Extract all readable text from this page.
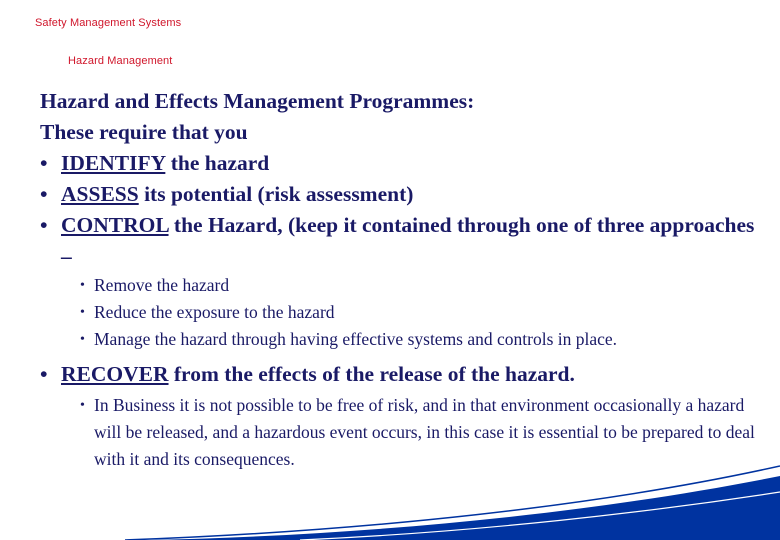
Safety Management Systems
Hazard Management

Hazard and Effects Management Programmes:

These require that you

• IDENTIFY the hazard

• ASSESS its potential (risk assessment)

• CONTROL the Hazard, (keep it contained through one of three approaches –

• Remove the hazard

• Reduce the exposure to the hazard

• Manage the hazard through having effective systems and controls in place.

• RECOVER from the effects of the release of the hazard.

• In Business it is not possible to be free of risk, and in that environment occasionally a hazard will be released, and a hazardous event occurs, in this case it is essential to be prepared to deal with it and its consequences.
